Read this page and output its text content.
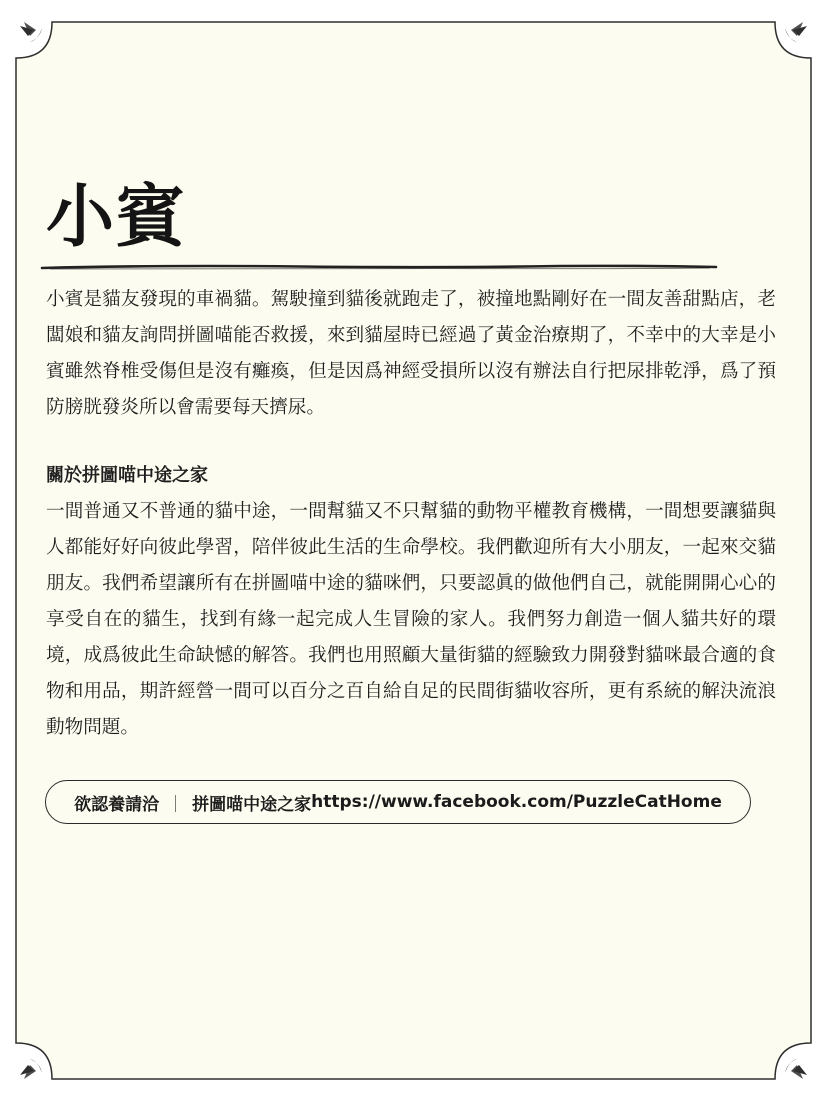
小賓

小賓是貓友發現的車禍貓。駕駛撞到貓後就跑走了，被撞地點剛好在一間友善甜點店，老闆娘和貓友詢問拼圖喵能否救援，來到貓屋時已經過了黃金治療期了，不幸中的大幸是小賓雖然脊椎受傷但是沒有癱瘓，但是因爲神經受損所以沒有辦法自行把尿排乾淨，爲了預防膀胱發炎所以會需要每天擠尿。

關於拼圖喵中途之家

一間普通又不普通的貓中途，一間幫貓又不只幫貓的動物平權教育機構，一間想要讓貓與人都能好好向彼此學習，陪伴彼此生活的生命學校。我們歡迎所有大小朋友，一起來交貓朋友。我們希望讓所有在拼圖喵中途的貓咪們，只要認眞的做他們自己，就能開開心心的享受自在的貓生，找到有緣一起完成人生冒險的家人。我們努力創造一個人貓共好的環境，成爲彼此生命缺憾的解答。我們也用照顧大量街貓的經驗致力開發對貓咪最合適的食物和用品，期許經營一間可以百分之百自給自足的民間街貓收容所，更有系統的解決流浪動物問題。

欲認養請洽 ｜ 拼圖喵中途之家 https://www.facebook.com/PuzzleCatHome
